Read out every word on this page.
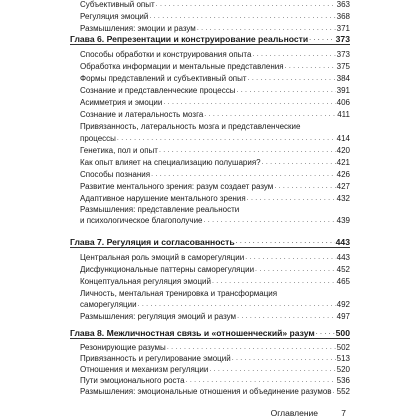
Субъективный опыт . . .	363
Регуляция эмоций . . .	368
Размышления: эмоции и разум . . .	371
Глава 6. Репрезентации и конструирование реальности . . .	373
Способы обработки и конструирования опыта . . .	373
Обработка информации и ментальные представления . . .	375
Формы представлений и субъективный опыт . . .	384
Сознание и представленческие процессы . . .	391
Асимметрия и эмоции . . .	406
Сознание и латеральность мозга . . .	411
Привязанность, латеральность мозга и представленческие
процессы . . .	414
Генетика, пол и опыт . . .	420
Как опыт влияет на специализацию полушария? . . .	421
Способы познания . . .	426
Развитие ментального зрения: разум создает разум . . .	427
Адаптивное нарушение ментального зрения . . .	432
Размышления: представление реальности
и психологическое благополучие . . .	439
Глава 7. Регуляция и согласованность . . .	443
Центральная роль эмоций в саморегуляции . . .	443
Дисфункциональные паттерны саморегуляции . . .	452
Концептуальная регуляция эмоций . . .	465
Личность, ментальная тренировка и трансформация
саморегуляции . . .	492
Размышления: регуляция эмоций и разум . . .	497
Глава 8. Межличностная связь и «отношенческий» разум . . . 500
Резонирующие разумы . . .	502
Привязанность и регулирование эмоций . . .	513
Отношения и механизм регуляции . . .	520
Пути эмоционального роста . . .	536
Размышления: эмоциональные отношения и объединение разумов . . . 552
Оглавление	7
